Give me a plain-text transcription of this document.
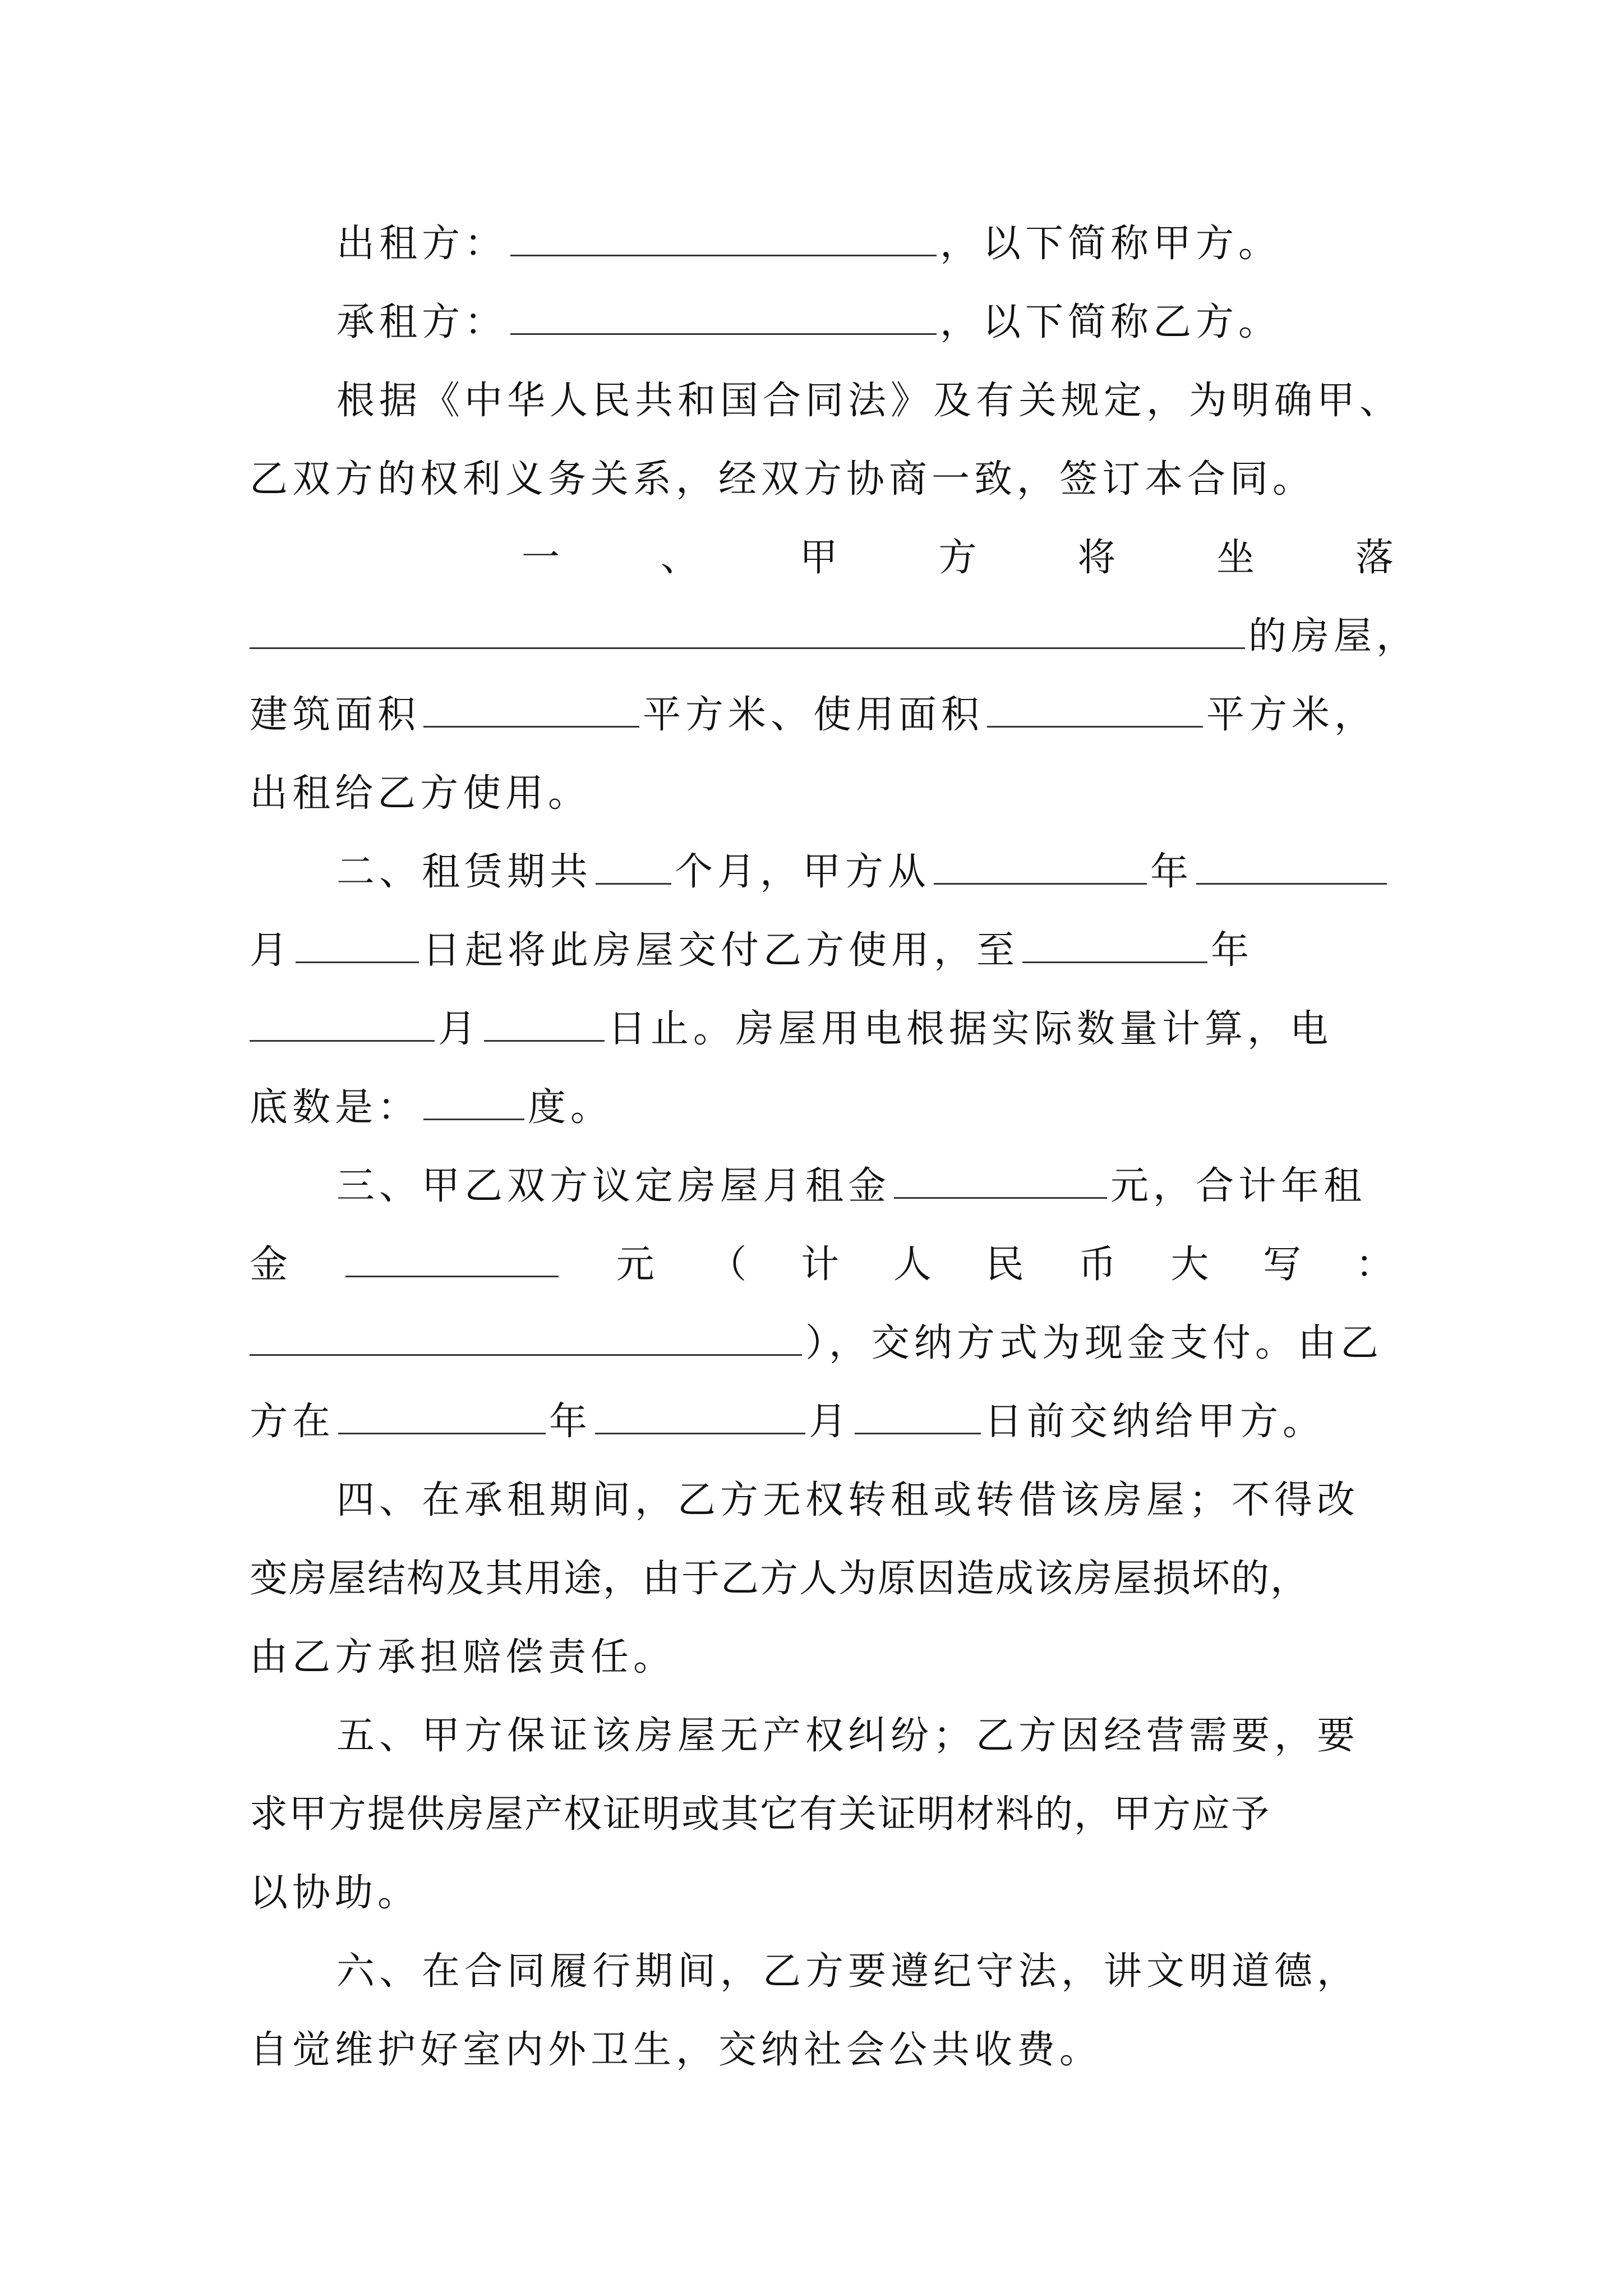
出租方：	，以下简称甲方。
承租方：	，以下简称乙方。
根据《中华人民共和国合同法》及有关规定，为明确甲、
乙双方的权利义务关系，经双方协商一致，签订本合同。
一	、	甲	方	将	坐	落
的房屋，
建筑面积	平方米、使用面积	平方米，
出租给乙方使用。
二、租赁期共 个月，甲方从	年
月	日起将此房屋交付乙方使用，至	年
月	日止。房屋用电根据实际数量计算，电
底数是：	度。
三、甲乙双方议定房屋月租金	元，合计年租
金	元 （ 计 人 民 币 大 写 ：
），交纳方式为现金支付。由乙
方在	年	月	日前交纳给甲方。
四、在承租期间，乙方无权转租或转借该房屋；不得改
变房屋结构及其用途，由于乙方人为原因造成该房屋损坏的，
由乙方承担赔偿责任。
五、甲方保证该房屋无产权纠纷；乙方因经营需要，要
求甲方提供房屋产权证明或其它有关证明材料的，甲方应予
以协助。
六、在合同履行期间，乙方要遵纪守法，讲文明道德，
自觉维护好室内外卫生，交纳社会公共收费。
